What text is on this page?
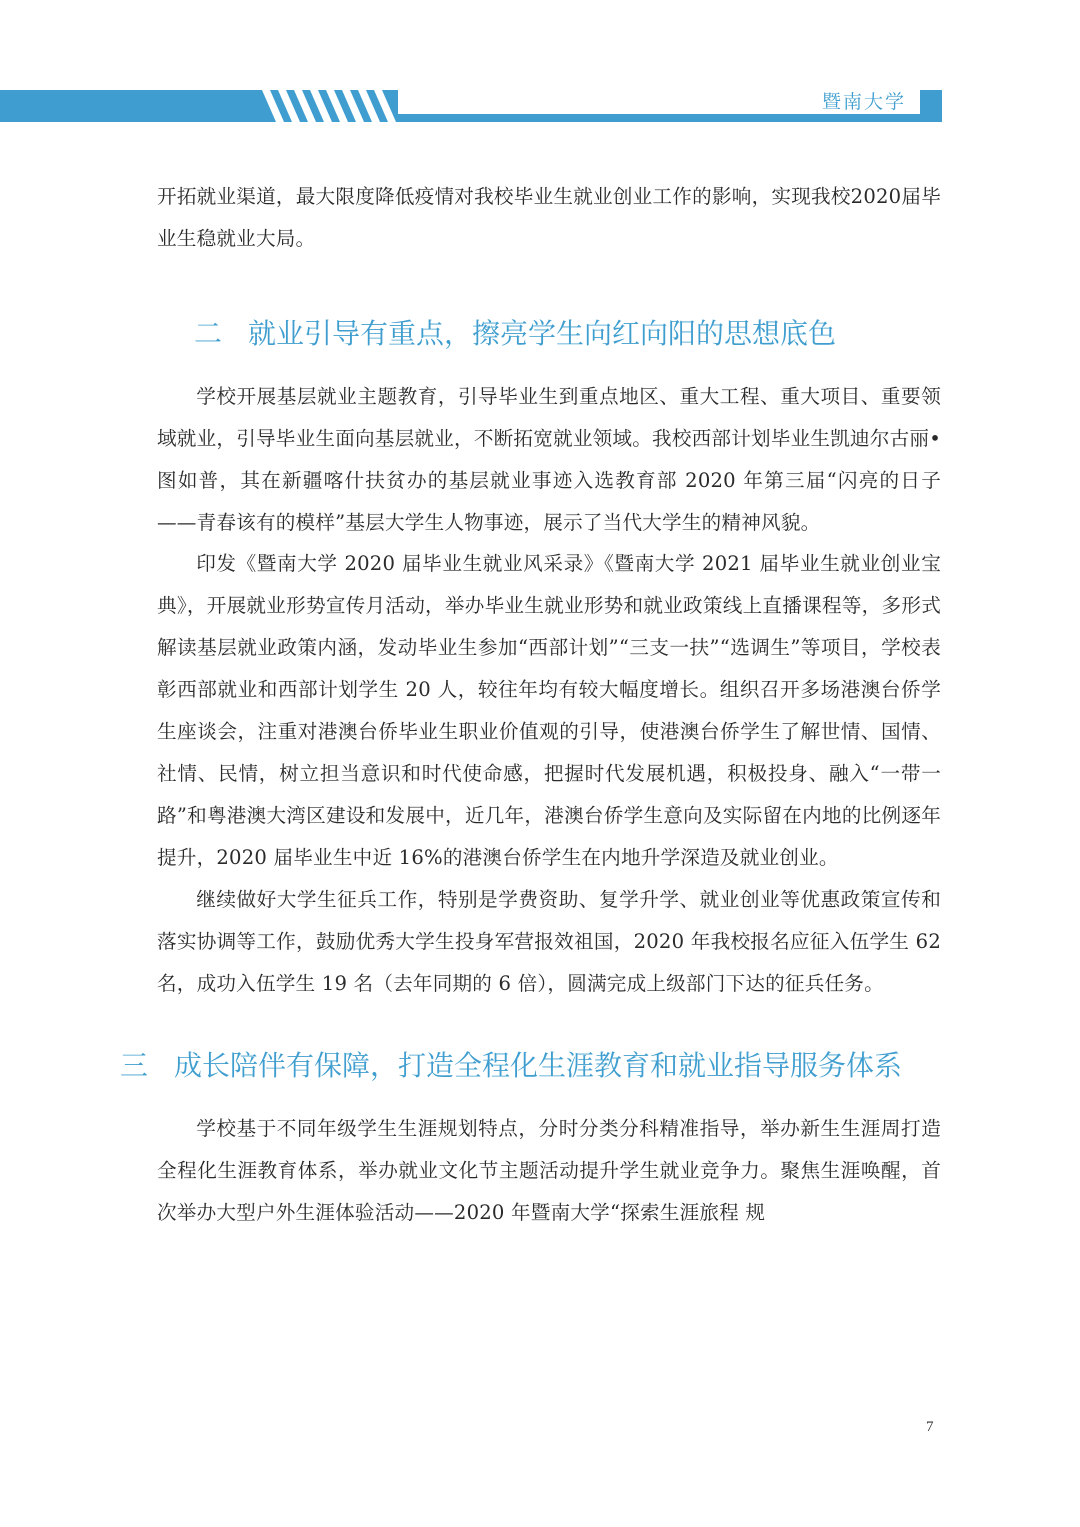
暨南大学

开拓就业渠道，最大限度降低疫情对我校毕业生就业创业工作的影响，实现我校2020届毕业生稳就业大局。

二 就业引导有重点，擦亮学生向红向阳的思想底色

学校开展基层就业主题教育，引导毕业生到重点地区、重大工程、重大项目、重要领域就业，引导毕业生面向基层就业，不断拓宽就业领域。我校西部计划毕业生凯迪尔古丽•图如普，其在新疆喀什扶贫办的基层就业事迹入选教育部 2020 年第三届“闪亮的日子——青春该有的模样”基层大学生人物事迹，展示了当代大学生的精神风貌。

印发《暨南大学 2020 届毕业生就业风采录》《暨南大学 2021 届毕业生就业创业宝典》，开展就业形势宣传月活动，举办毕业生就业形势和就业政策线上直播课程等，多形式解读基层就业政策内涵，发动毕业生参加“西部计划”“三支一扶”“选调生”等项目，学校表彰西部就业和西部计划学生 20 人，较往年均有较大幅度增长。组织召开多场港澳台侨学生座谈会，注重对港澳台侨毕业生职业价值观的引导，使港澳台侨学生了解世情、国情、社情、民情，树立担当意识和时代使命感，把握时代发展机遇，积极投身、融入“一带一路”和粤港澳大湾区建设和发展中，近几年，港澳台侨学生意向及实际留在内地的比例逐年提升，2020 届毕业生中近 16%的港澳台侨学生在内地升学深造及就业创业。

继续做好大学生征兵工作，特别是学费资助、复学升学、就业创业等优惠政策宣传和落实协调等工作，鼓励优秀大学生投身军营报效祖国，2020 年我校报名应征入伍学生 62 名，成功入伍学生 19 名（去年同期的 6 倍），圆满完成上级部门下达的征兵任务。

三 成长陪伴有保障，打造全程化生涯教育和就业指导服务体系

学校基于不同年级学生生涯规划特点，分时分类分科精准指导，举办新生生涯周打造全程化生涯教育体系，举办就业文化节主题活动提升学生就业竞争力。聚焦生涯唤醒，首次举办大型户外生涯体验活动——2020 年暨南大学“探索生涯旅程 规

7
